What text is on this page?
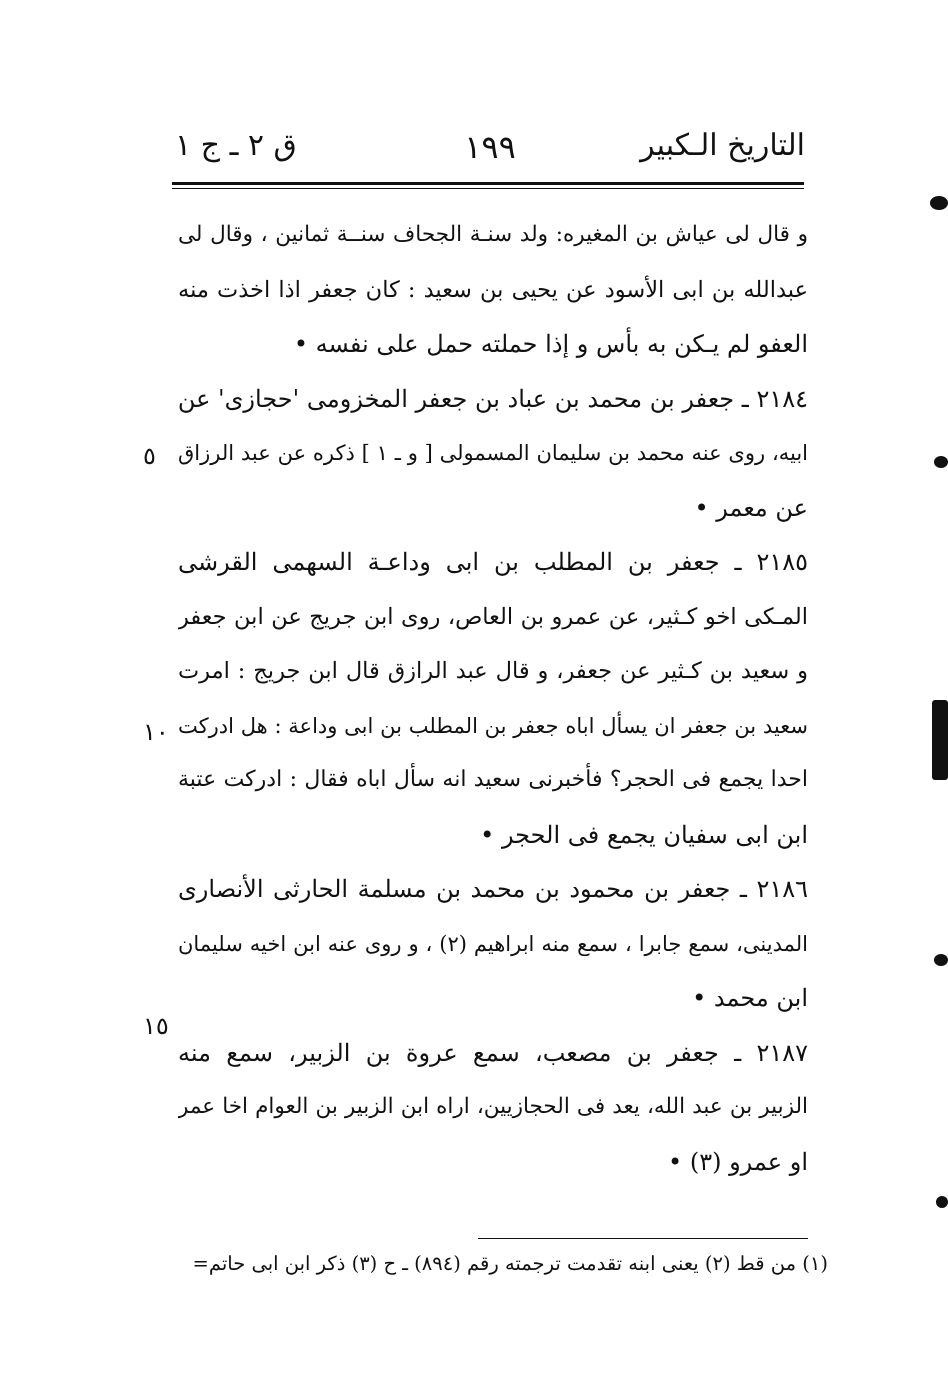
التاريخ الـكبير
١٩٩
ق ٢ ـ ج ١
و قال لى عياش بن المغيره: ولد سنـة الجحاف سنــة ثمانين ، وقال لى
عبدالله بن ابى الأسود عن يحيى بن سعيد : كان جعفر اذا اخذت منه
العفو لم يـكن به بأس و إذا حملته حمل على نفسه •
٢١٨٤ ـ جعفر بن محمد بن عباد بن جعفر المخزومى 'حجازى' عن
ابيه، روى عنه محمد بن سليمان المسمولى [ و ـ ١ ] ذكره عن عبد الرزاق
عن معمر •
٢١٨٥ ـ جعفر بن المطلب بن ابى وداعـة السهمى القرشى
المـكى اخو كـثير، عن عمرو بن العاص، روى ابن جريج عن ابن جعفر
و سعيد بن كـثير عن جعفر، و قال عبد الرازق قال ابن جريج : امرت
سعيد بن جعفر ان يسأل اباه جعفر بن المطلب بن ابى وداعة : هل ادركت
احدا يجمع فى الحجر؟ فأخبرنى سعيد انه سأل اباه فقال : ادركت عتبة
ابن ابى سفيان يجمع فى الحجر •
٢١٨٦ ـ جعفر بن محمود بن محمد بن مسلمة الحارثى الأنصارى
المدينى، سمع جابرا ، سمع منه ابراهيم (٢) ، و روى عنه ابن اخيه سليمان
ابن محمد •
٢١٨٧ ـ جعفر بن مصعب، سمع عروة بن الزبير، سمع منه
الزبير بن عبد الله، يعد فى الحجازيين، اراه ابن الزبير بن العوام اخا عمر
او عمرو (٣) •
٥
١٠
١٥
(١) من قط (٢) يعنى ابنه تقدمت ترجمته رقم (٨٩٤) ـ ح (٣) ذكر ابن ابى حاتم=
